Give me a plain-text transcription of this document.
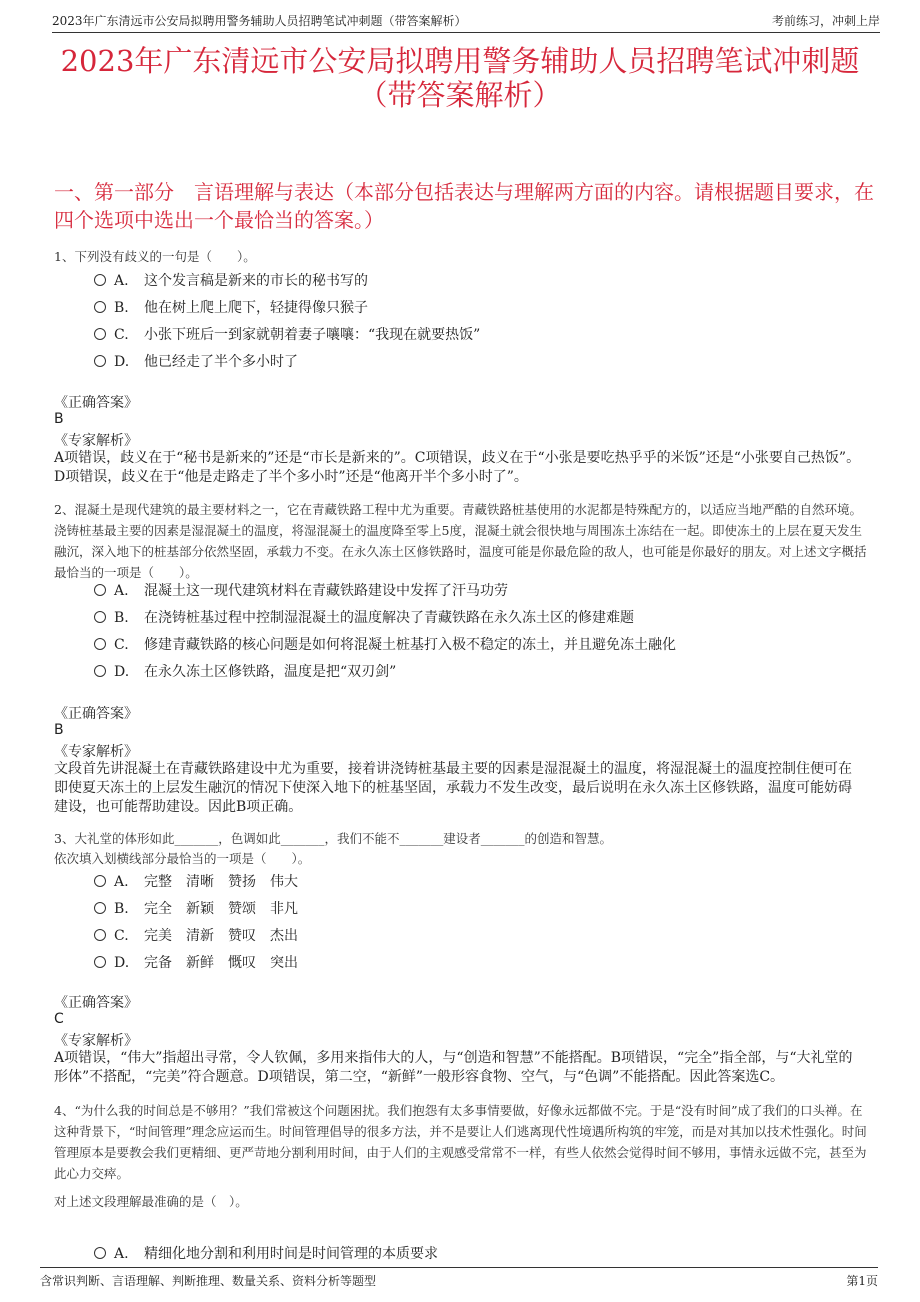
2023年广东清远市公安局拟聘用警务辅助人员招聘笔试冲刺题（带答案解析）	考前练习，冲刺上岸
2023年广东清远市公安局拟聘用警务辅助人员招聘笔试冲刺题
（带答案解析）
一、第一部分　言语理解与表达（本部分包括表达与理解两方面的内容。请根据题目要求，在四个选项中选出一个最恰当的答案。）
1、下列没有歧义的一句是（　　）。
A. 这个发言稿是新来的市长的秘书写的
B. 他在树上爬上爬下，轻捷得像只猴子
C. 小张下班后一到家就朝着妻子嚷嚷：“我现在就要热饭”
D. 他已经走了半个多小时了
《正确答案》
B
《专家解析》
A项错误，歧义在于“秘书是新来的”还是“市长是新来的”。C项错误，歧义在于“小张是要吃热乎乎的米饭”还是“小张要自己热饭”。D项错误，歧义在于“他是走路走了半个多小时”还是“他离开半个多小时了”。
2、混凝土是现代建筑的最主要材料之一，它在青藏铁路工程中尤为重要。青藏铁路桩基使用的水泥都是特殊配方的，以适应当地严酷的自然环境。浇铸桩基最主要的因素是湿混凝土的温度，将湿混凝土的温度降至零上5度，混凝土就会很快地与周围冻土冻结在一起。即使冻土的上层在夏天发生融沉，深入地下的桩基部分依然坚固，承载力不变。在永久冻土区修铁路时，温度可能是你最危险的敌人，也可能是你最好的朋友。对上述文字概括最恰当的一项是（　　）。
A. 混凝土这一现代建筑材料在青藏铁路建设中发挥了汗马功劳
B. 在浇铸桩基过程中控制湿混凝土的温度解决了青藏铁路在永久冻土区的修建难题
C. 修建青藏铁路的核心问题是如何将混凝土桩基打入极不稳定的冻土，并且避免冻土融化
D. 在永久冻土区修铁路，温度是把“双刃剑”
《正确答案》
B
《专家解析》
文段首先讲混凝土在青藏铁路建设中尤为重要，接着讲浇铸桩基最主要的因素是湿混凝土的温度，将湿混凝土的温度控制住便可在即使夏天冻土的上层发生融沉的情况下使深入地下的桩基坚固，承载力不发生改变，最后说明在永久冻土区修铁路，温度可能妨碍建设，也可能帮助建设。因此B项正确。
3、大礼堂的体形如此_______，色调如此_______，我们不能不_______建设者_______的创造和智慧。
依次填入划横线部分最恰当的一项是（　　）。
A. 完整　清晰　赞扬　伟大
B. 完全　新颖　赞颂　非凡
C. 完美　清新　赞叹　杰出
D. 完备　新鲜　慨叹　突出
《正确答案》
C
《专家解析》
A项错误，“伟大”指超出寻常，令人钦佩，多用来指伟大的人，与“创造和智慧”不能搭配。B项错误，“完全”指全部，与“大礼堂的形体”不搭配，“完美”符合题意。D项错误，第二空，“新鲜”一般形容食物、空气，与“色调”不能搭配。因此答案选C。
4、“为什么我的时间总是不够用？”我们常被这个问题困扰。我们抱怨有太多事情要做，好像永远都做不完。于是“没有时间”成了我们的口头禅。在这种背景下，“时间管理”理念应运而生。时间管理倡导的很多方法，并不是要让人们逃离现代性境遇所构筑的牢笼，而是对其加以技术性强化。时间管理原本是要教会我们更精细、更严苛地分割利用时间，由于人们的主观感受常常不一样，有些人依然会觉得时间不够用，事情永远做不完，甚至为此心力交瘁。
对上述文段理解最准确的是（　）。
A. 精细化地分割和利用时间是时间管理的本质要求
含常识判断、言语理解、判断推理、数量关系、资料分析等题型	第1页
